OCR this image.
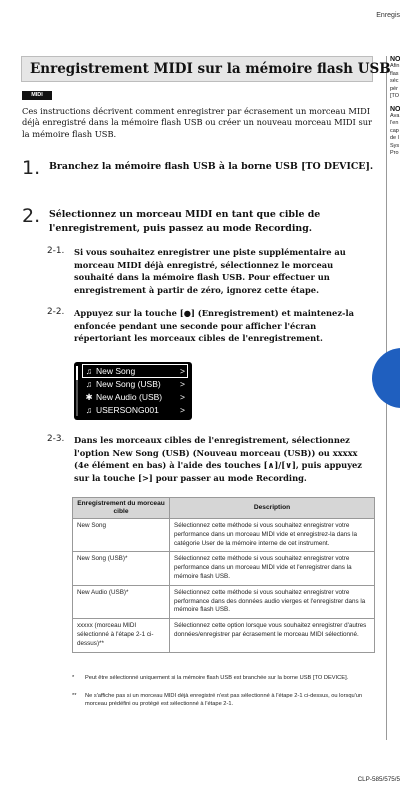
Enregis
NO
Afin
flas
séc
pér
[TO
NO
Ava
l'en
cap
de l
Sys
Pro
Enregistrement MIDI sur la mémoire flash USB
MIDI

Ces instructions décrivent comment enregistrer par écrasement un morceau MIDI déjà enregistré dans la mémoire flash USB ou créer un nouveau morceau MIDI sur la mémoire flash USB.

1. Branchez la mémoire flash USB à la borne USB [TO DEVICE].
2. Sélectionnez un morceau MIDI en tant que cible de l'enregistrement, puis passez au mode Recording.
2-1. Si vous souhaitez enregistrer une piste supplémentaire au morceau MIDI déjà enregistré, sélectionnez le morceau souhaité dans la mémoire flash USB. Pour effectuer un enregistrement à partir de zéro, ignorez cette étape.
2-2. Appuyez sur la touche [●] (Enregistrement) et maintenez-la enfoncée pendant une seconde pour afficher l'écran répertoriant les morceaux cibles de l'enregistrement.
♫ New Song	>
♫ New Song (USB) >
✱ New Audio (USB) >
♫ USERSONG001 >
2-3. Dans les morceaux cibles de l'enregistrement, sélectionnez l'option New Song (USB) (Nouveau morceau (USB)) ou xxxxx (4e élément en bas) à l'aide des touches [∧]/[∨], puis appuyez sur la touche [>] pour passer au mode Recording.
Enregistrement du morceau cible	Description
New Song	Sélectionnez cette méthode si vous souhaitez enregistrer votre performance dans un morceau MIDI vide et enregistrez-la dans la catégorie User de la mémoire interne de cet instrument.
New Song (USB)*	Sélectionnez cette méthode si vous souhaitez enregistrer votre performance dans un morceau MIDI vide et l'enregistrer dans la mémoire flash USB.
New Audio (USB)*	Sélectionnez cette méthode si vous souhaitez enregistrer votre performance dans des données audio vierges et l'enregistrer dans la mémoire flash USB.
xxxxx (morceau MIDI sélectionné à l'étape 2-1 ci-dessus)**	Sélectionnez cette option lorsque vous souhaitez enregistrer d'autres données/enregistrer par écrasement le morceau MIDI sélectionné.
* Peut être sélectionné uniquement si la mémoire flash USB est branchée sur la borne USB [TO DEVICE].
** Ne s'affiche pas si un morceau MIDI déjà enregistré n'est pas sélectionné à l'étape 2-1 ci-dessus, ou lorsqu'un morceau prédéfini ou protégé est sélectionné à l'étape 2-1.
CLP-585/575/5
